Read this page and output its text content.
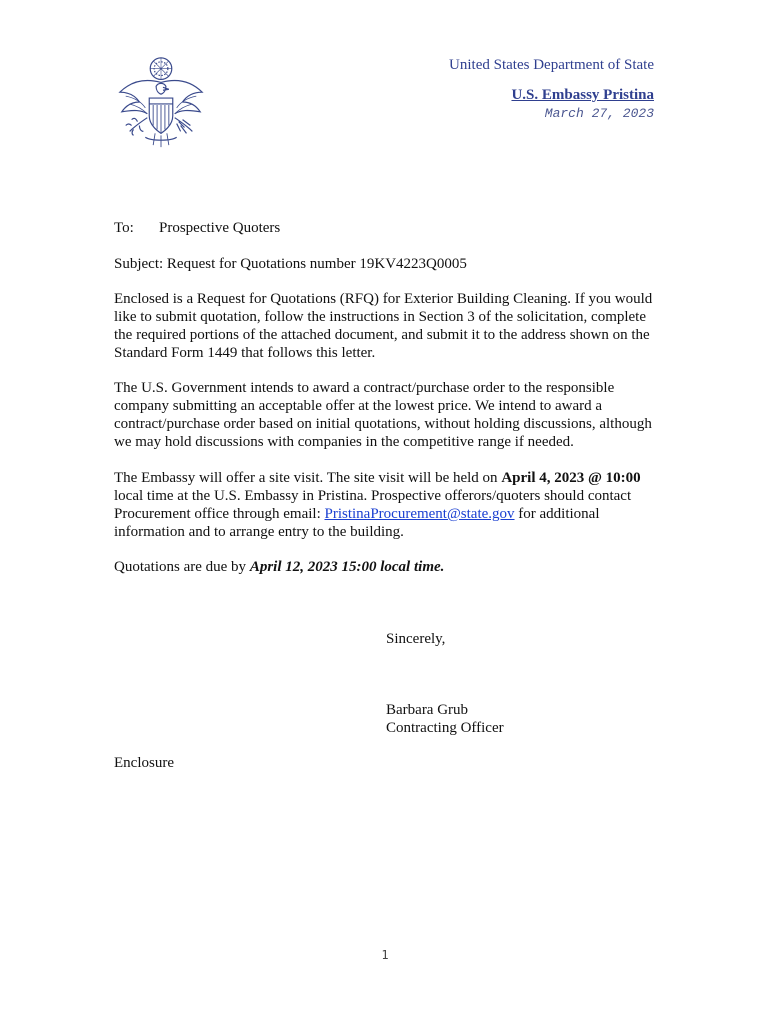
United States Department of State
U.S. Embassy Pristina
March 27, 2023
To: Prospective Quoters
Subject: Request for Quotations number 19KV4223Q0005
Enclosed is a Request for Quotations (RFQ) for Exterior Building Cleaning. If you would like to submit quotation, follow the instructions in Section 3 of the solicitation, complete the required portions of the attached document, and submit it to the address shown on the Standard Form 1449 that follows this letter.
The U.S. Government intends to award a contract/purchase order to the responsible company submitting an acceptable offer at the lowest price. We intend to award a contract/purchase order based on initial quotations, without holding discussions, although we may hold discussions with companies in the competitive range if needed.
The Embassy will offer a site visit. The site visit will be held on April 4, 2023 @ 10:00 local time at the U.S. Embassy in Pristina. Prospective offerors/quoters should contact Procurement office through email: PristinaProcurement@state.gov for additional information and to arrange entry to the building.
Quotations are due by April 12, 2023 15:00 local time.
Sincerely,
Barbara Grub
Contracting Officer
Enclosure
1
